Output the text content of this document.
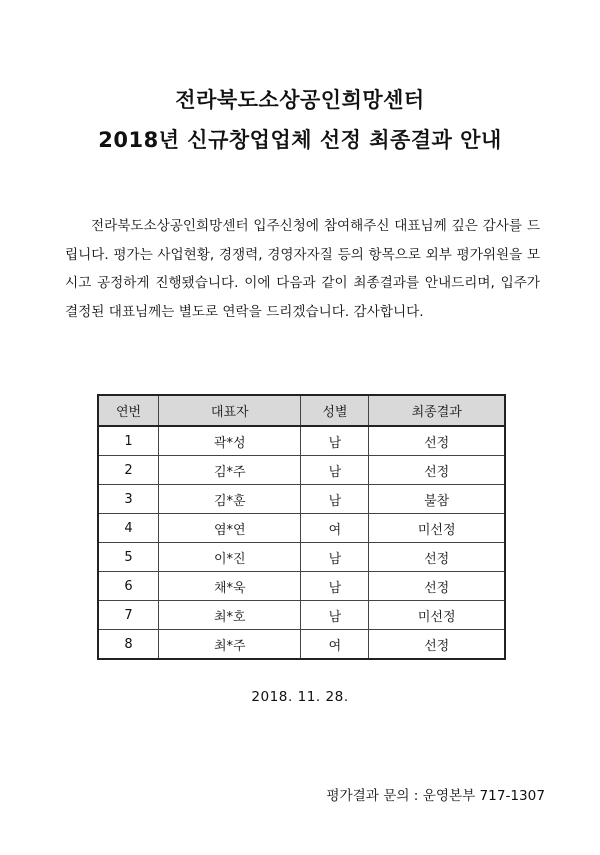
전라북도소상공인희망센터
2018년 신규창업업체 선정 최종결과 안내
전라북도소상공인희망센터 입주신청에 참여해주신 대표님께 깊은 감사를 드립니다. 평가는 사업현황, 경쟁력, 경영자자질 등의 항목으로 외부 평가위원을 모시고 공정하게 진행됐습니다. 이에 다음과 같이 최종결과를 안내드리며, 입주가 결정된 대표님께는 별도로 연락을 드리겠습니다. 감사합니다.
연번	대표자	성별	최종결과
1	곽*성	남	선정
2	김*주	남	선정
3	김*훈	남	불참
4	염*연	여	미선정
5	이*진	남	선정
6	채*욱	남	선정
7	최*호	남	미선정
8	최*주	여	선정
2018. 11. 28.
평가결과 문의 : 운영본부 717-1307
